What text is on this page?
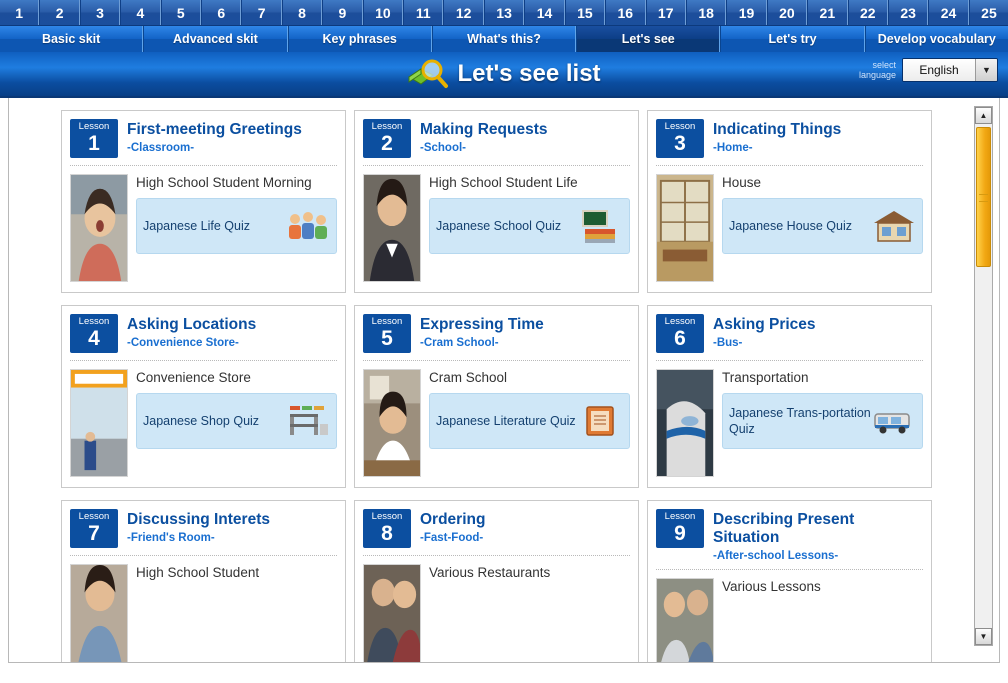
1	2	3	4	5	6	7	8	9	10	11	12	13	14	15	16	17	18	19	20	21	22	23	24	25
Basic skit	Advanced skit	Key phrases	What's this?	Let's see	Let's try	Develop vocabulary
Let's see list	select
language	English	▼
Lesson
1
First-meeting Greetings
-Classroom-
High School Student Morning
Japanese Life Quiz
Lesson
2
Making Requests
-School-
High School Student Life
Japanese School Quiz
Lesson
3
Indicating Things
-Home-
House
Japanese House Quiz
Lesson
4
Asking Locations
-Convenience Store-
Convenience Store
Japanese Shop Quiz
Lesson
5
Expressing Time
-Cram School-
Cram School
Japanese Literature Quiz
Lesson
6
Asking Prices
-Bus-
Transportation
Japanese Trans-portation Quiz
Lesson
7
Discussing Interets
-Friend's Room-
High School Student
Lesson
8
Ordering
-Fast-Food-
Various Restaurants
Lesson
9
Describing Present Situation
-After-school Lessons-
Various Lessons
▲
▼
